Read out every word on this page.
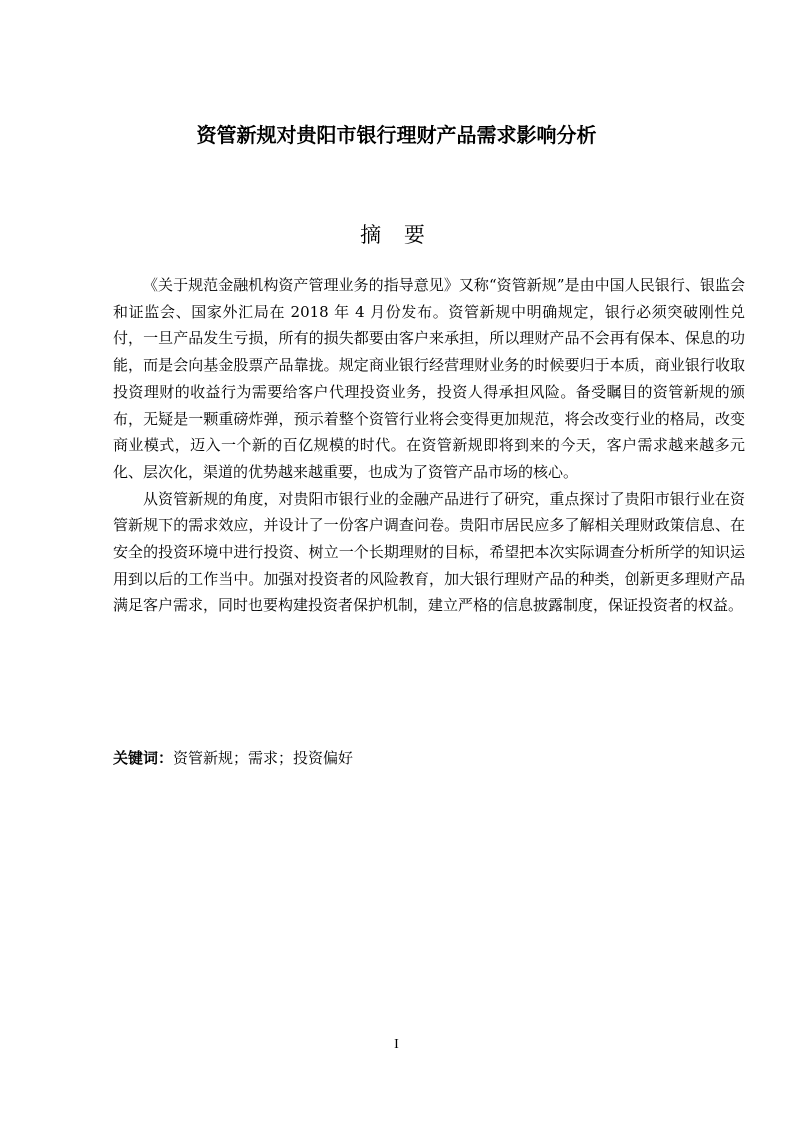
资管新规对贵阳市银行理财产品需求影响分析
摘 要

《关于规范金融机构资产管理业务的指导意见》又称“资管新规”是由中国人民银行、银监会和证监会、国家外汇局在 2018 年 4 月份发布。资管新规中明确规定，银行必须突破刚性兑付，一旦产品发生亏损，所有的损失都要由客户来承担，所以理财产品不会再有保本、保息的功能，而是会向基金股票产品靠拢。规定商业银行经营理财业务的时候要归于本质，商业银行收取投资理财的收益行为需要给客户代理投资业务，投资人得承担风险。备受瞩目的资管新规的颁布，无疑是一颗重磅炸弹，预示着整个资管行业将会变得更加规范，将会改变行业的格局，改变商业模式，迈入一个新的百亿规模的时代。在资管新规即将到来的今天，客户需求越来越多元化、层次化，渠道的优势越来越重要，也成为了资管产品市场的核心。

从资管新规的角度，对贵阳市银行业的金融产品进行了研究，重点探讨了贵阳市银行业在资管新规下的需求效应，并设计了一份客户调查问卷。贵阳市居民应多了解相关理财政策信息、在安全的投资环境中进行投资、树立一个长期理财的目标，希望把本次实际调查分析所学的知识运用到以后的工作当中。加强对投资者的风险教育，加大银行理财产品的种类，创新更多理财产品满足客户需求，同时也要构建投资者保护机制，建立严格的信息披露制度，保证投资者的权益。

关键词：资管新规；需求；投资偏好
I
